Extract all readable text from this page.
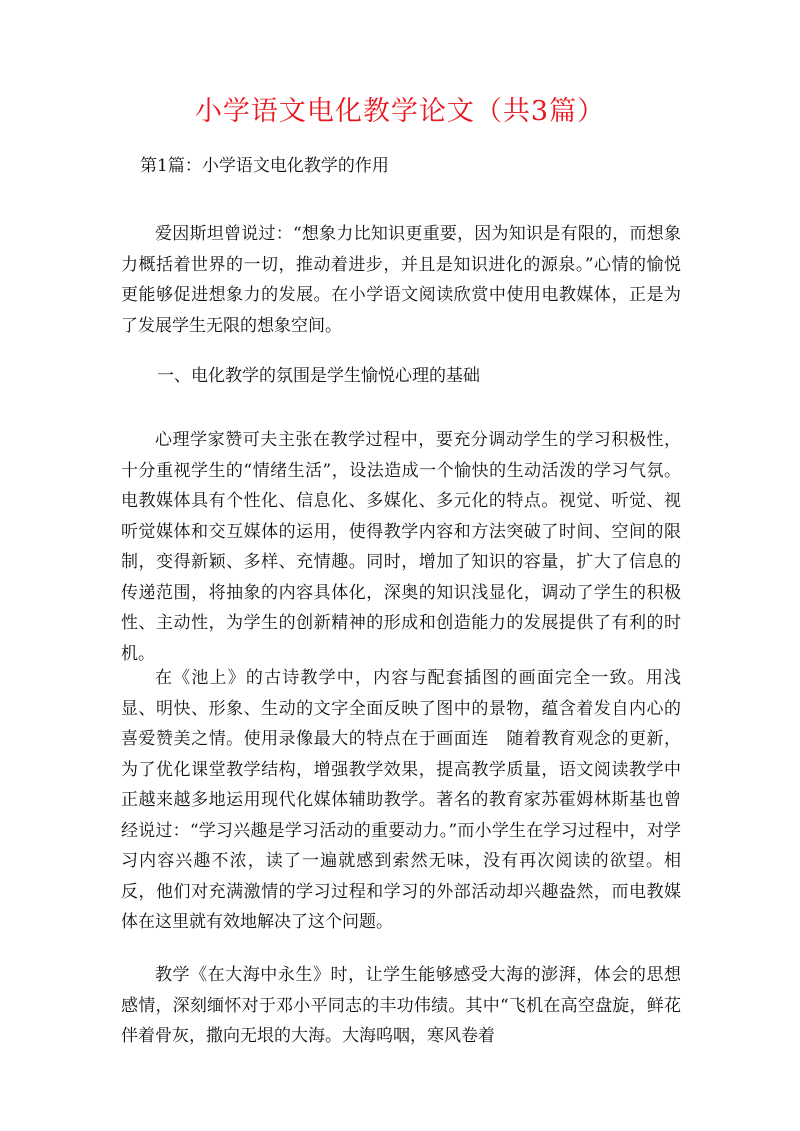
小学语文电化教学论文（共3篇）
第1篇：小学语文电化教学的作用

爱因斯坦曾说过：“想象力比知识更重要，因为知识是有限的，而想象力概括着世界的一切，推动着进步，并且是知识进化的源泉。”心情的愉悦更能够促进想象力的发展。在小学语文阅读欣赏中使用电教媒体，正是为了发展学生无限的想象空间。

一、电化教学的氛围是学生愉悦心理的基础

心理学家赞可夫主张在教学过程中，要充分调动学生的学习积极性，十分重视学生的“情绪生活”，设法造成一个愉快的生动活泼的学习气氛。电教媒体具有个性化、信息化、多媒化、多元化的特点。视觉、听觉、视听觉媒体和交互媒体的运用，使得教学内容和方法突破了时间、空间的限制，变得新颖、多样、充情趣。同时，增加了知识的容量，扩大了信息的传递范围，将抽象的内容具体化，深奥的知识浅显化，调动了学生的积极性、主动性，为学生的创新精神的形成和创造能力的发展提供了有利的时机。

在《池上》的古诗教学中，内容与配套插图的画面完全一致。用浅显、明快、形象、生动的文字全面反映了图中的景物，蕴含着发自内心的喜爱赞美之情。使用录像最大的特点在于画面连　随着教育观念的更新，为了优化课堂教学结构，增强教学效果，提高教学质量，语文阅读教学中正越来越多地运用现代化媒体辅助教学。著名的教育家苏霍姆林斯基也曾经说过：“学习兴趣是学习活动的重要动力。”而小学生在学习过程中，对学习内容兴趣不浓，读了一遍就感到索然无味，没有再次阅读的欲望。相反，他们对充满激情的学习过程和学习的外部活动却兴趣盎然，而电教媒体在这里就有效地解决了这个问题。

教学《在大海中永生》时，让学生能够感受大海的澎湃，体会的思想感情，深刻缅怀对于邓小平同志的丰功伟绩。其中“飞机在高空盘旋，鲜花伴着骨灰，撒向无垠的大海。大海呜咽，寒风卷着
